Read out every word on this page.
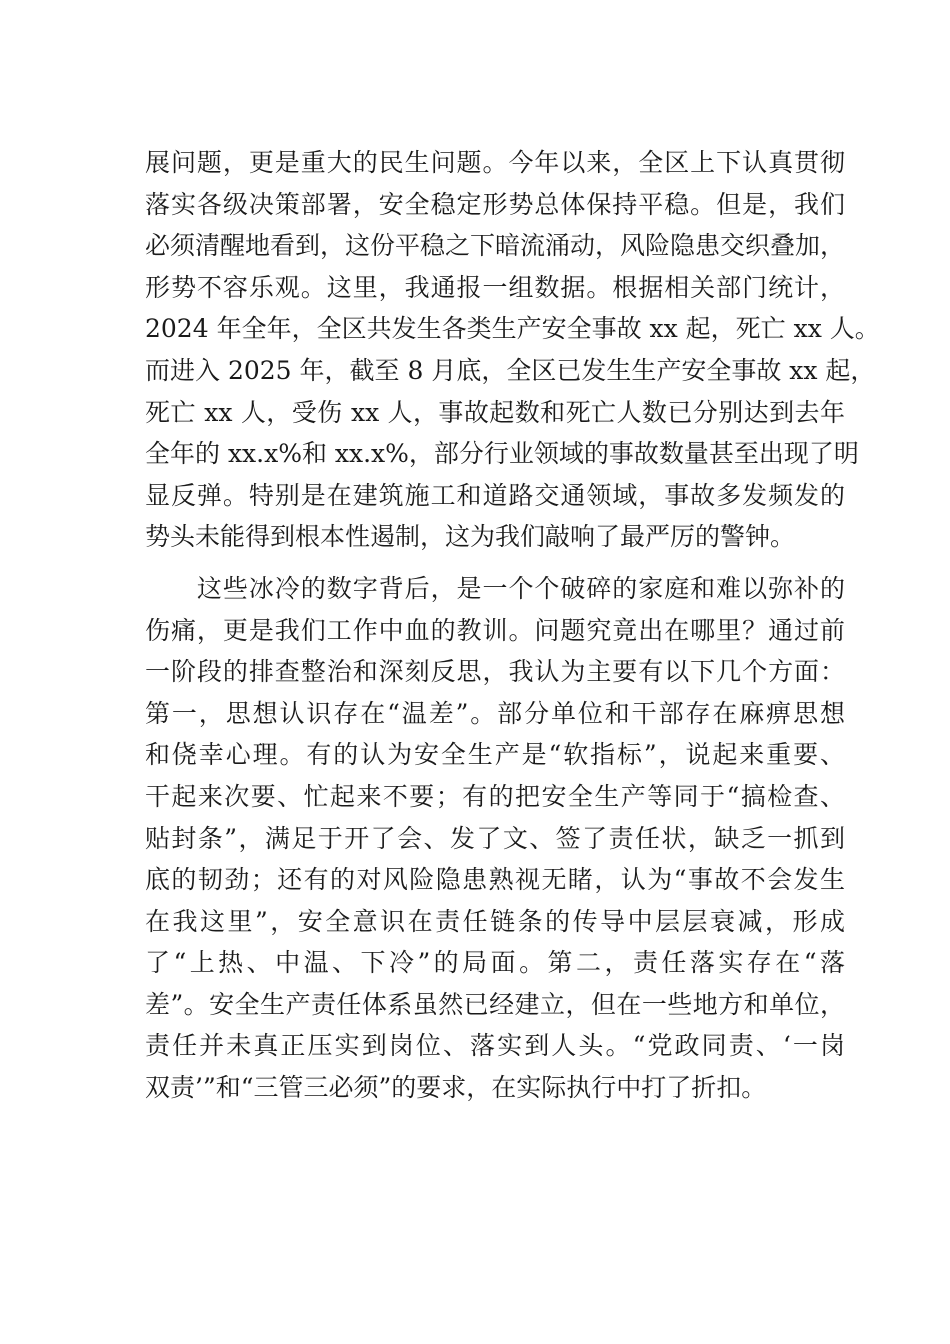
展问题，更是重大的民生问题。今年以来，全区上下认真贯彻
落实各级决策部署，安全稳定形势总体保持平稳。但是，我们
必须清醒地看到，这份平稳之下暗流涌动，风险隐患交织叠加，
形势不容乐观。这里，我通报一组数据。根据相关部门统计，
2024 年全年，全区共发生各类生产安全事故 xx 起，死亡 xx 人。
而进入 2025 年，截至 8 月底，全区已发生生产安全事故 xx 起，
死亡 xx 人，受伤 xx 人，事故起数和死亡人数已分别达到去年
全年的 xx.x%和 xx.x%，部分行业领域的事故数量甚至出现了明
显反弹。特别是在建筑施工和道路交通领域，事故多发频发的
势头未能得到根本性遏制，这为我们敲响了最严厉的警钟。
　　这些冰冷的数字背后，是一个个破碎的家庭和难以弥补的
伤痛，更是我们工作中血的教训。问题究竟出在哪里？通过前
一阶段的排查整治和深刻反思，我认为主要有以下几个方面：
第一，思想认识存在“温差”。部分单位和干部存在麻痹思想
和侥幸心理。有的认为安全生产是“软指标”，说起来重要、
干起来次要、忙起来不要；有的把安全生产等同于“搞检查、
贴封条”，满足于开了会、发了文、签了责任状，缺乏一抓到
底的韧劲；还有的对风险隐患熟视无睹，认为“事故不会发生
在我这里”，安全意识在责任链条的传导中层层衰减，形成
了“上热、中温、下冷”的局面。第二，责任落实存在“落
差”。安全生产责任体系虽然已经建立，但在一些地方和单位，
责任并未真正压实到岗位、落实到人头。“党政同责、‘一岗
双责’”和“三管三必须”的要求，在实际执行中打了折扣。
